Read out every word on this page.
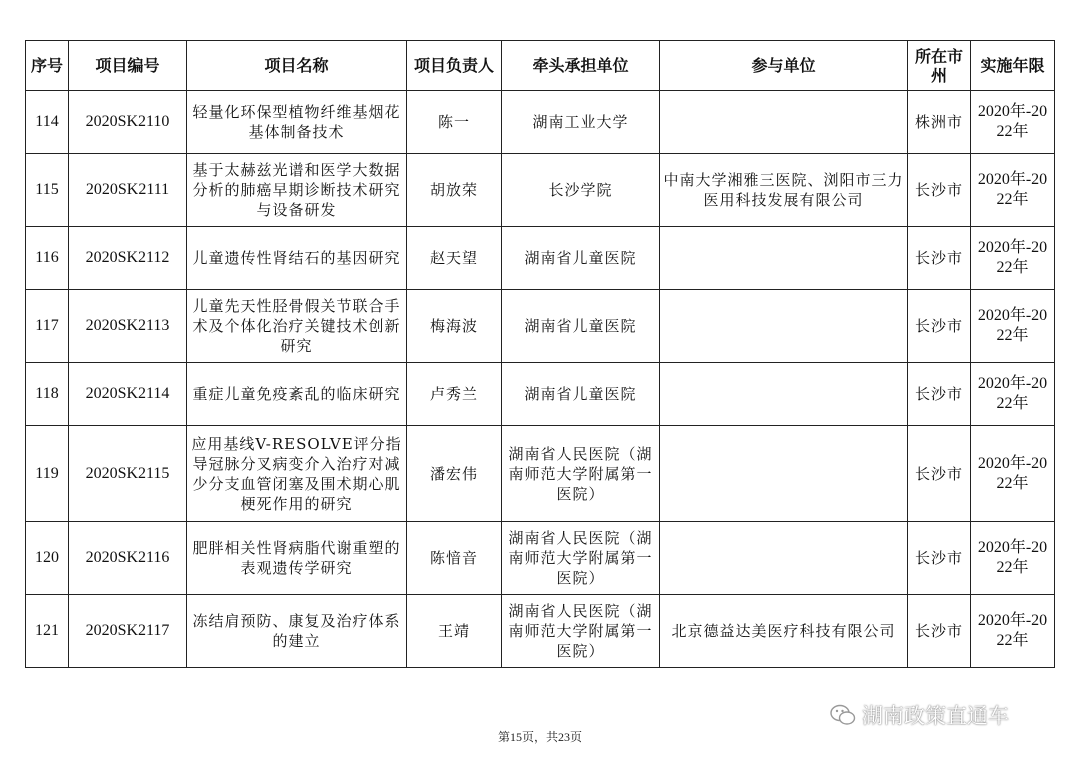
序号	项目编号	项目名称	项目负责人	牵头承担单位	参与单位	所在市州	实施年限
114	2020SK2110	轻量化环保型植物纤维基烟花基体制备技术	陈一	湖南工业大学		株洲市	2020年-2022年
115	2020SK2111	基于太赫兹光谱和医学大数据分析的肺癌早期诊断技术研究与设备研发	胡放荣	长沙学院	中南大学湘雅三医院、浏阳市三力医用科技发展有限公司	长沙市	2020年-2022年
116	2020SK2112	儿童遗传性肾结石的基因研究	赵天望	湖南省儿童医院		长沙市	2020年-2022年
117	2020SK2113	儿童先天性胫骨假关节联合手术及个体化治疗关键技术创新研究	梅海波	湖南省儿童医院		长沙市	2020年-2022年
118	2020SK2114	重症儿童免疫紊乱的临床研究	卢秀兰	湖南省儿童医院		长沙市	2020年-2022年
119	2020SK2115	应用基线V-RESOLVE评分指导冠脉分叉病变介入治疗对减少分支血管闭塞及围术期心肌梗死作用的研究	潘宏伟	湖南省人民医院（湖南师范大学附属第一医院）		长沙市	2020年-2022年
120	2020SK2116	肥胖相关性肾病脂代谢重塑的表观遗传学研究	陈愔音	湖南省人民医院（湖南师范大学附属第一医院）		长沙市	2020年-2022年
121	2020SK2117	冻结肩预防、康复及治疗体系的建立	王靖	湖南省人民医院（湖南师范大学附属第一医院）	北京德益达美医疗科技有限公司	长沙市	2020年-2022年
湖南政策直通车
第15页，共23页
